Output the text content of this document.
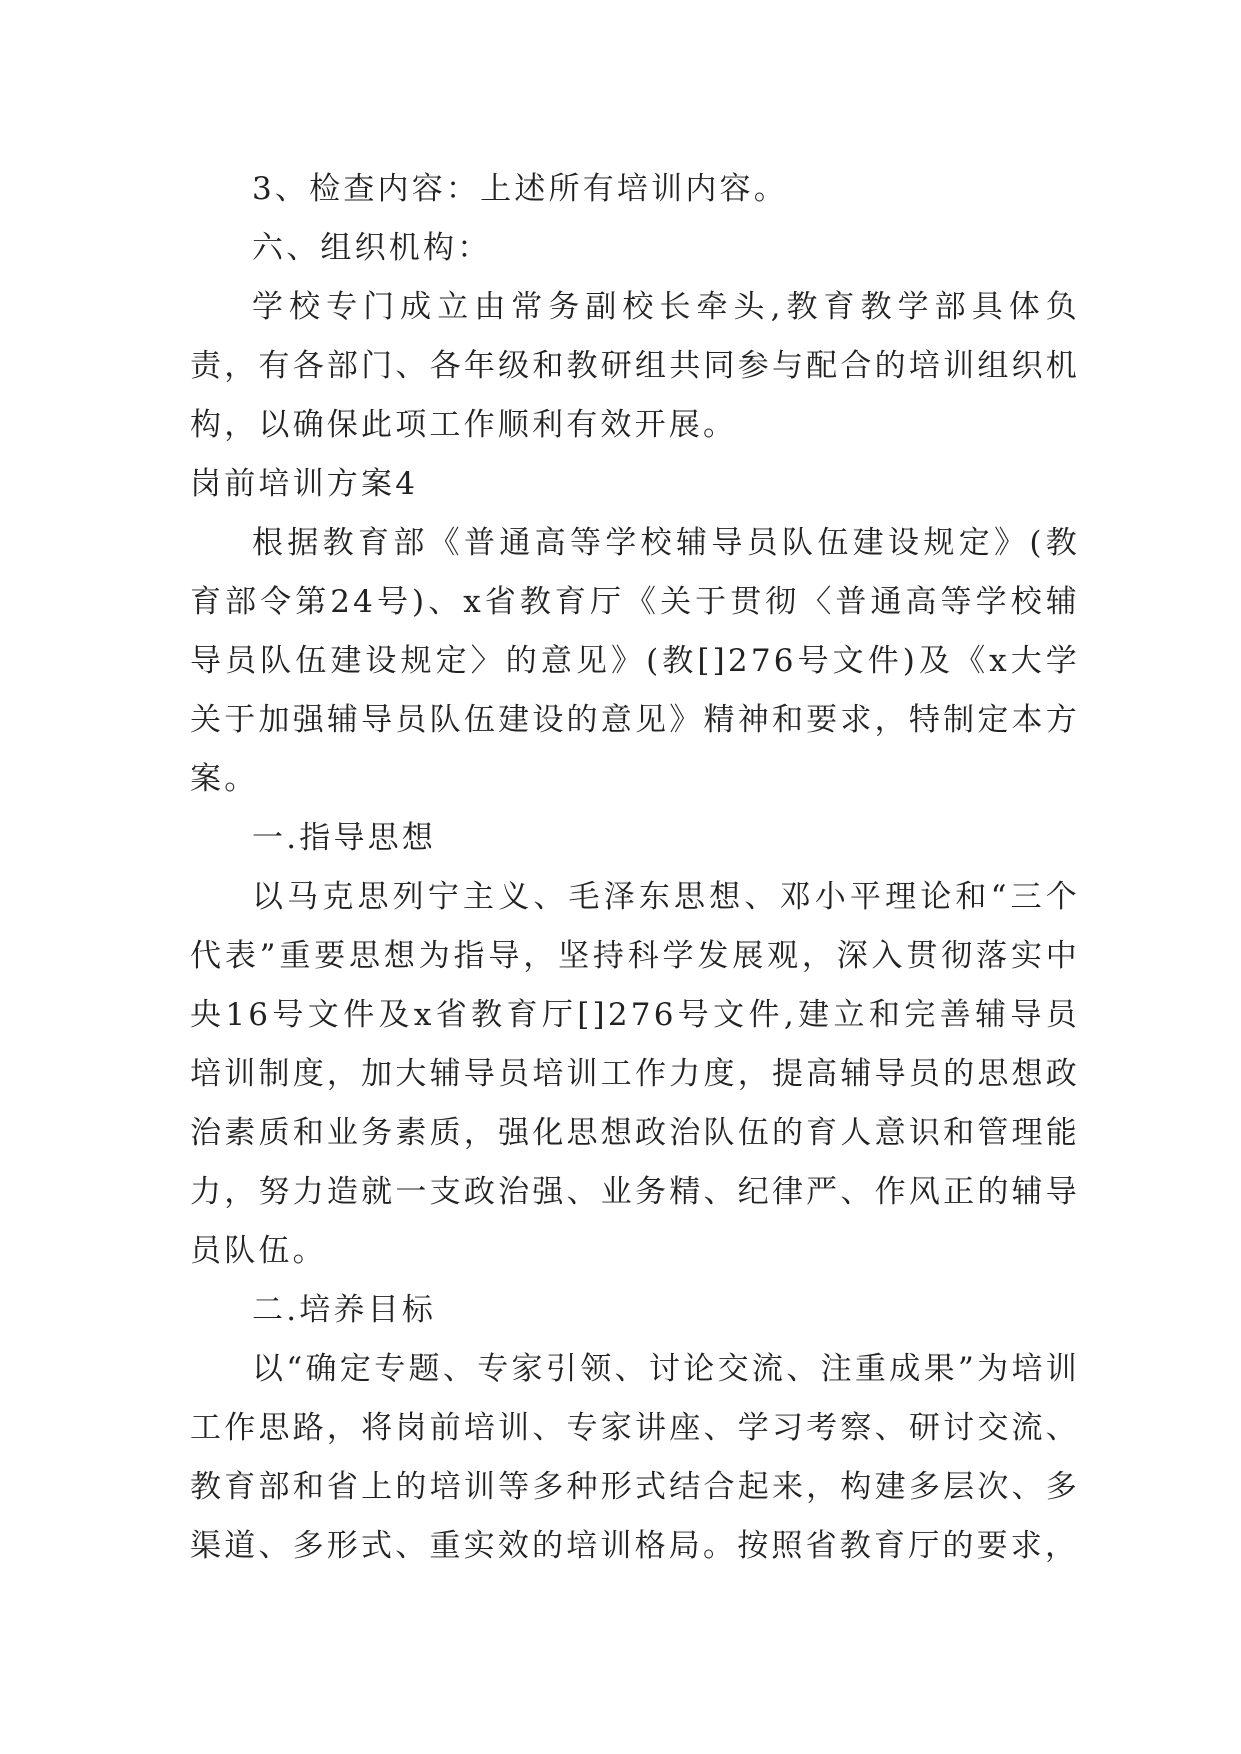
3、检查内容：上述所有培训内容。

六、组织机构：

学校专门成立由常务副校长牵头,教育教学部具体负责，有各部门、各年级和教研组共同参与配合的培训组织机构，以确保此项工作顺利有效开展。

岗前培训方案4

根据教育部《普通高等学校辅导员队伍建设规定》(教育部令第24号)、x省教育厅《关于贯彻〈普通高等学校辅导员队伍建设规定〉的意见》(教[]276号文件)及《x大学关于加强辅导员队伍建设的意见》精神和要求，特制定本方案。

一.指导思想

以马克思列宁主义、毛泽东思想、邓小平理论和“三个代表”重要思想为指导，坚持科学发展观，深入贯彻落实中央16号文件及x省教育厅[]276号文件,建立和完善辅导员培训制度，加大辅导员培训工作力度，提高辅导员的思想政治素质和业务素质，强化思想政治队伍的育人意识和管理能力，努力造就一支政治强、业务精、纪律严、作风正的辅导员队伍。

二.培养目标

以“确定专题、专家引领、讨论交流、注重成果”为培训工作思路，将岗前培训、专家讲座、学习考察、研讨交流、教育部和省上的培训等多种形式结合起来，构建多层次、多渠道、多形式、重实效的培训格局。按照省教育厅的要求，
